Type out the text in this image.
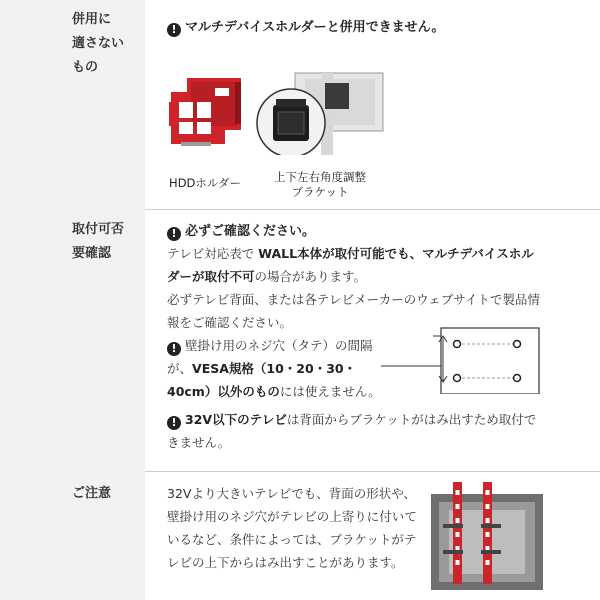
併用に
適さない
もの
! マルチデバイスホルダーと併用できません。
HDDホルダー	上下左右角度調整
ブラケット
取付可否
要確認
! 必ずご確認ください。
テレビ対応表で WALL本体が取付可能でも、マルチデバイスホルダーが取付不可の場合があります。
必ずテレビ背面、または各テレビメーカーのウェブサイトで製品情報をご確認ください。
! 壁掛け用のネジ穴（タテ）の間隔が、VESA規格（10・20・30・40cm）以外のものには使えません。
! 32V以下のテレビは背面からブラケットがはみ出すため取付できません。
ご注意	32Vより大きいテレビでも、背面の形状や、壁掛け用のネジ穴がテレビの上寄りに付いているなど、条件によっては、ブラケットがテレビの上下からはみ出すことがあります。
